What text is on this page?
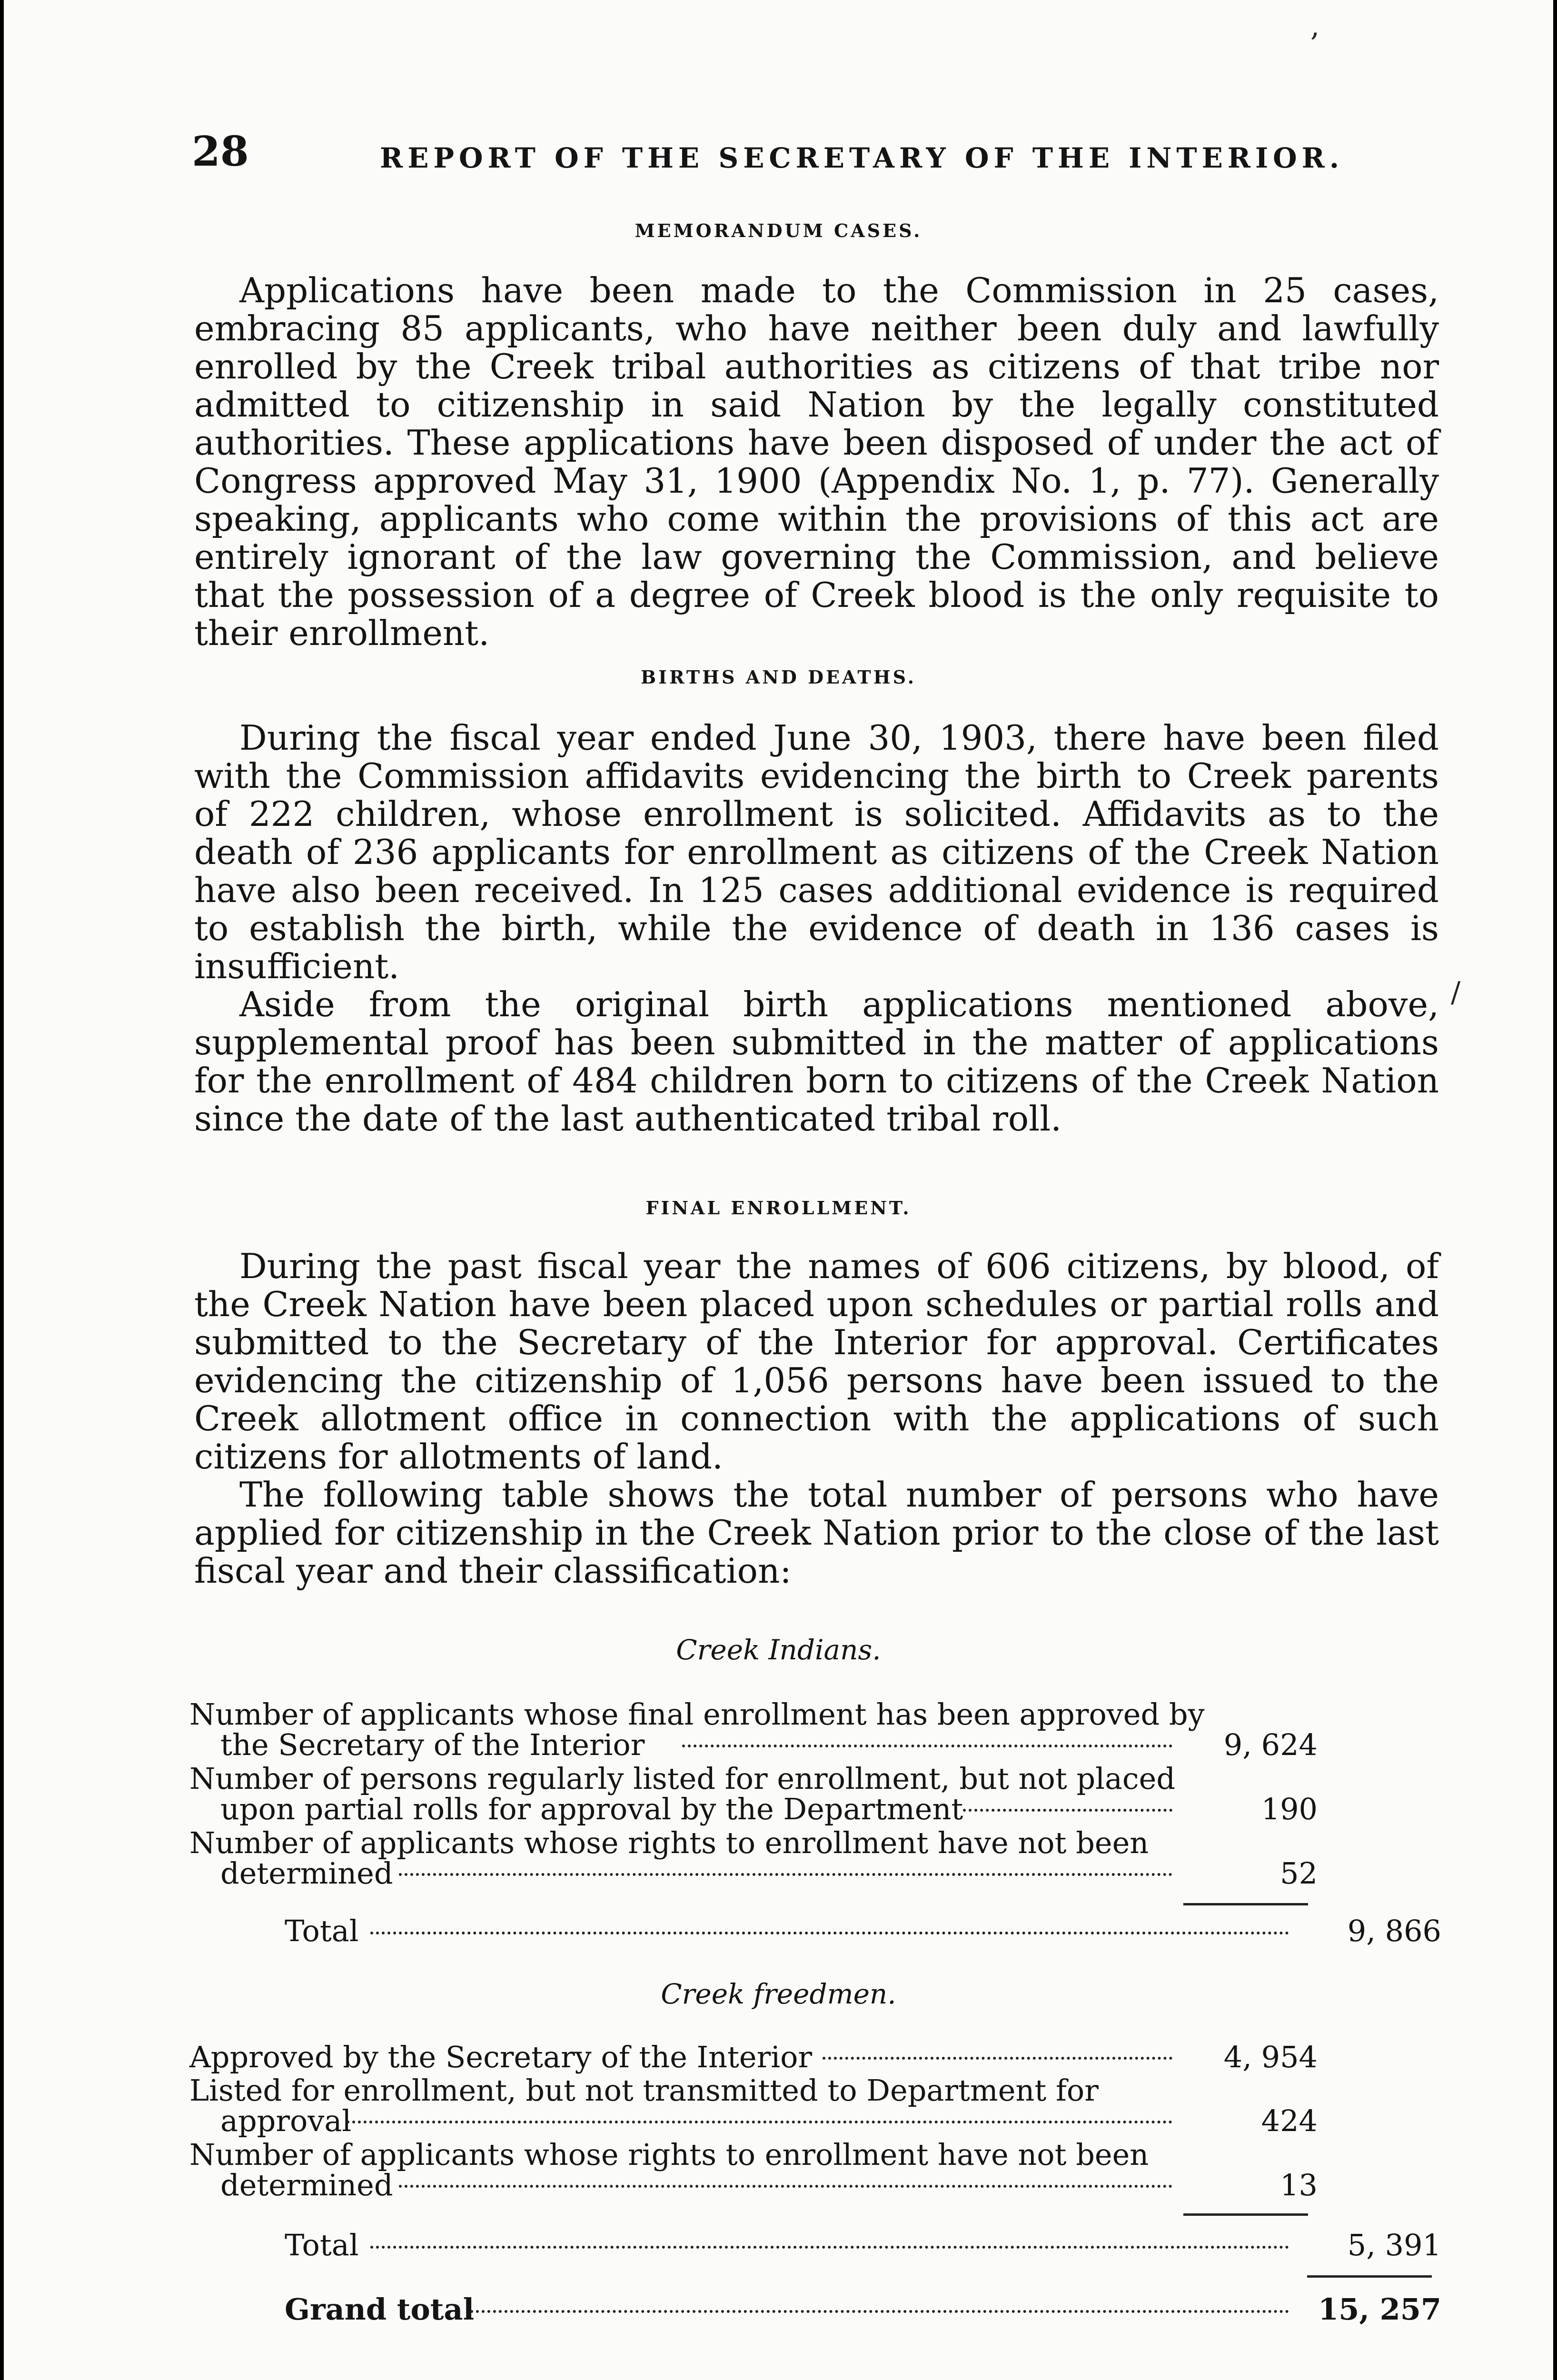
28	REPORT OF THE SECRETARY OF THE INTERIOR.
MEMORANDUM CASES.

Applications have been made to the Commission in 25 cases, embracing 85 applicants, who have neither been duly and lawfully enrolled by the Creek tribal authorities as citizens of that tribe nor admitted to citizenship in said Nation by the legally constituted authorities. These applications have been disposed of under the act of Congress approved May 31, 1900 (Appendix No. 1, p. 77). Generally speaking, applicants who come within the provisions of this act are entirely ignorant of the law governing the Commission, and believe that the possession of a degree of Creek blood is the only requisite to their enrollment.

BIRTHS AND DEATHS.

During the fiscal year ended June 30, 1903, there have been filed with the Commission affidavits evidencing the birth to Creek parents of 222 children, whose enrollment is solicited. Affidavits as to the death of 236 applicants for enrollment as citizens of the Creek Nation have also been received. In 125 cases additional evidence is required to establish the birth, while the evidence of death in 136 cases is insufficient.

Aside from the original birth applications mentioned above, supplemental proof has been submitted in the matter of applications for the enrollment of 484 children born to citizens of the Creek Nation since the date of the last authenticated tribal roll.

FINAL ENROLLMENT.

During the past fiscal year the names of 606 citizens, by blood, of the Creek Nation have been placed upon schedules or partial rolls and submitted to the Secretary of the Interior for approval. Certificates evidencing the citizenship of 1,056 persons have been issued to the Creek allotment office in connection with the applications of such citizens for allotments of land.

The following table shows the total number of persons who have applied for citizenship in the Creek Nation prior to the close of the last fiscal year and their classification:

Creek Indians.
Number of applicants whose final enrollment has been approved by
the Secretary of the Interior	9, 624
Number of persons regularly listed for enrollment, but not placed
upon partial rolls for approval by the Department	190
Number of applicants whose rights to enrollment have not been
determined	52
Total	9, 866
Creek freedmen.
Approved by the Secretary of the Interior	4, 954
Listed for enrollment, but not transmitted to Department for
approval	424
Number of applicants whose rights to enrollment have not been
determined	13
Total	5, 391
Grand total	15, 257
,
/
